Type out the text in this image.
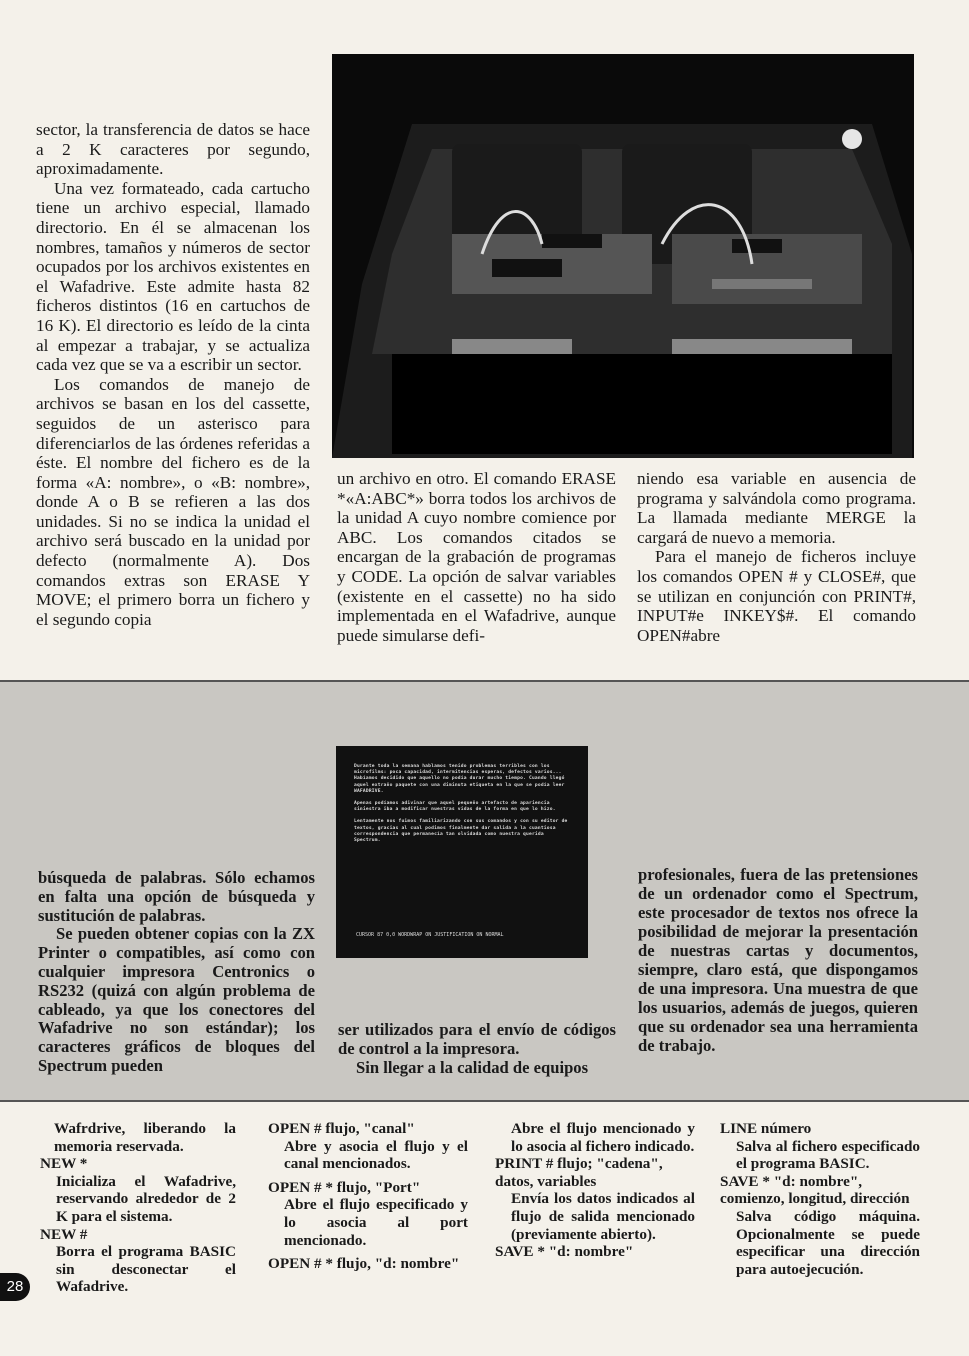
sector, la transferencia de datos se hace a 2 K caracteres por segundo, aproximadamente.

Una vez formateado, cada cartucho tiene un archivo especial, llamado directorio. En él se almacenan los nombres, tamaños y números de sector ocupados por los archivos existentes en el Wafadrive. Este admite hasta 82 ficheros distintos (16 en cartuchos de 16 K). El directorio es leído de la cinta al empezar a trabajar, y se actualiza cada vez que se va a escribir un sector.

Los comandos de manejo de archivos se basan en los del cassette, seguidos de un asterisco para diferenciarlos de las órdenes referidas a éste. El nombre del fichero es de la forma «A: nombre», o «B: nombre», donde A o B se refieren a las dos unidades. Si no se indica la unidad el archivo será buscado en la unidad por defecto (normalmente A). Dos comandos extras son ERASE Y MOVE; el primero borra un fichero y el segundo copia

un archivo en otro. El comando ERASE *«A:ABC*» borra todos los archivos de la unidad A cuyo nombre comience por ABC. Los comandos citados se encargan de la grabación de programas y CODE. La opción de salvar variables (existente en el cassette) no ha sido implementada en el Wafadrive, aunque puede simularse defi-

niendo esa variable en ausencia de programa y salvándola como programa. La llamada mediante MERGE la cargará de nuevo a memoria.

Para el manejo de ficheros incluye los comandos OPEN # y CLOSE#, que se utilizan en conjunción con PRINT#, INPUT#e INKEY$#. El comando OPEN#abre

Durante toda la semana hablamos tenido problemas terribles con los microfilms: poca capacidad, intermitencias esperas, defectos varios... Habíamos decidido que aquello no podía durar mucho tiempo. Cuando llegó aquel extraño paquete con una diminuta etiqueta en la que se podía leer WAFADRIVE.

Apenas podíamos adivinar que aquel pequeño artefacto de apariencia siniestra iba a modificar nuestras vidas de la forma en que lo hizo.

Lentamente nos fuimos familiarizando con sus comandos y con su editor de textos, gracias al cual podimos finalmente dar salida a la cuantiosa correspondencia que permanecía tan olvidada como nuestra querida Spectrum.

CURSOR 87 0,0 WORDWRAP ON JUSTIFICATION ON NORMAL

búsqueda de palabras. Sólo echamos en falta una opción de búsqueda y sustitución de palabras.

Se pueden obtener copias con la ZX Printer o compatibles, así como con cualquier impresora Centronics o RS232 (quizá con algún problema de cableado, ya que los conectores del Wafadrive no son estándar); los caracteres gráficos de bloques del Spectrum pueden

ser utilizados para el envío de códigos de control a la impresora.

Sin llegar a la calidad de equipos

profesionales, fuera de las pretensiones de un ordenador como el Spectrum, este procesador de textos nos ofrece la posibilidad de mejorar la presentación de nuestras cartas y documentos, siempre, claro está, que dispongamos de una impresora. Una muestra de que los usuarios, además de juegos, quieren que su ordenador sea una herramienta de trabajo.

Wafrdrive, liberando la memoria reservada.
NEW *
Inicializa el Wafadrive, reservando alrededor de 2 K para el sistema.
NEW #
Borra el programa BASIC sin desconectar el Wafadrive.
OPEN # flujo, "canal"
Abre y asocia el flujo y el canal mencionados.
OPEN # * flujo, "Port"
Abre el flujo especificado y lo asocia al port mencionado.
OPEN # * flujo, "d: nombre"
Abre el flujo mencionado y lo asocia al fichero indicado.
PRINT # flujo; "cadena", datos, variables
Envía los datos indicados al flujo de salida mencionado (previamente abierto).
SAVE * "d: nombre"
LINE número
Salva al fichero especificado el programa BASIC.
SAVE * "d: nombre", comienzo, longitud, dirección
Salva código máquina. Opcionalmente se puede especificar una dirección para autoejecución.
28
